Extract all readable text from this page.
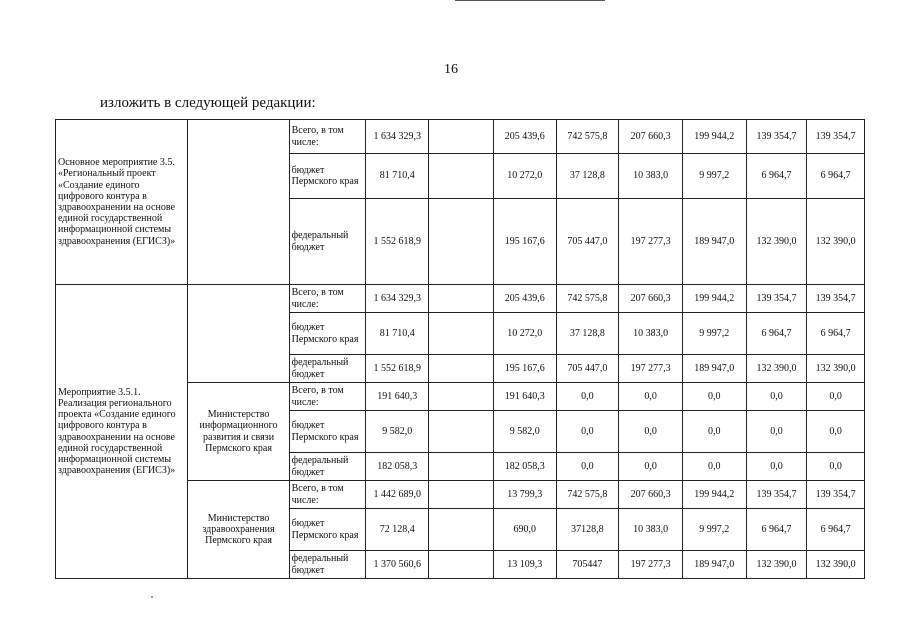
16
изложить в следующей редакции:
Основное мероприятие 3.5. «Региональный проект «Создание единого цифрового контура в здравоохранении на основе единой государственной информационной системы здравоохранения (ЕГИСЗ)»		Всего, в том числе:	1 634 329,3		205 439,6	742 575,8	207 660,3	199 944,2	139 354,7	139 354,7
		бюджет Пермского края	81 710,4		10 272,0	37 128,8	10 383,0	9 997,2	6 964,7	6 964,7
		федеральный бюджет	1 552 618,9		195 167,6	705 447,0	197 277,3	189 947,0	132 390,0	132 390,0
Мероприятие 3.5.1. Реализация регионального проекта «Создание единого цифрового контура в здравоохранении на основе единой государственной информационной системы здравоохранения (ЕГИСЗ)»		Всего, в том числе:	1 634 329,3		205 439,6	742 575,8	207 660,3	199 944,2	139 354,7	139 354,7
		бюджет Пермского края	81 710,4		10 272,0	37 128,8	10 383,0	9 997,2	6 964,7	6 964,7
		федеральный бюджет	1 552 618,9		195 167,6	705 447,0	197 277,3	189 947,0	132 390,0	132 390,0
	Министерство информационного развития и связи Пермского края	Всего, в том числе:	191 640,3		191 640,3	0,0	0,0	0,0	0,0	0,0
		бюджет Пермского края	9 582,0		9 582,0	0,0	0,0	0,0	0,0	0,0
		федеральный бюджет	182 058,3		182 058,3	0,0	0,0	0,0	0,0	0,0
	Министерство здравоохранения Пермского края	Всего, в том числе:	1 442 689,0		13 799,3	742 575,8	207 660,3	199 944,2	139 354,7	139 354,7
		бюджет Пермского края	72 128,4		690,0	37128,8	10 383,0	9 997,2	6 964,7	6 964,7
		федеральный бюджет	1 370 560,6		13 109,3	705447	197 277,3	189 947,0	132 390,0	132 390,0
